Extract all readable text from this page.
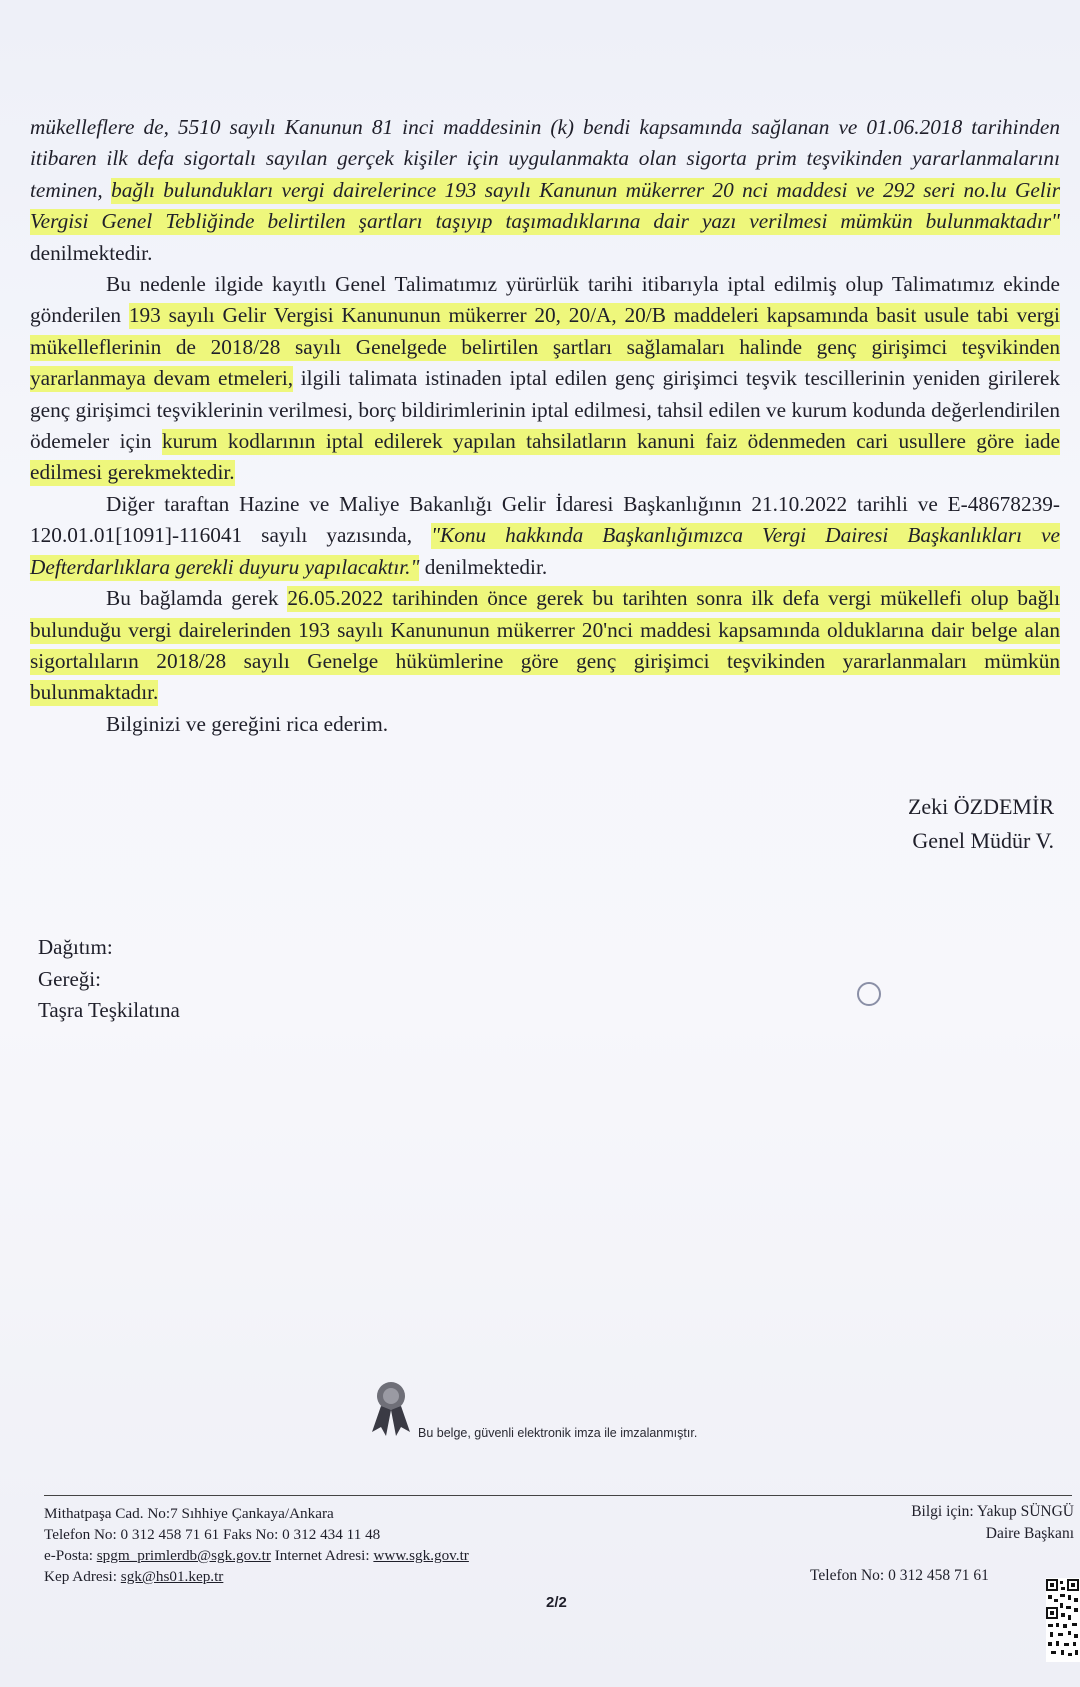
mükelleflere de, 5510 sayılı Kanunun 81 inci maddesinin (k) bendi kapsamında sağlanan ve 01.06.2018 tarihinden itibaren ilk defa sigortalı sayılan gerçek kişiler için uygulanmakta olan sigorta prim teşvikinden yararlanmalarını teminen, bağlı bulundukları vergi dairelerince 193 sayılı Kanunun mükerrer 20 nci maddesi ve 292 seri no.lu Gelir Vergisi Genel Tebliğinde belirtilen şartları taşıyıp taşımadıklarına dair yazı verilmesi mümkün bulunmaktadır" denilmektedir.

Bu nedenle ilgide kayıtlı Genel Talimatımız yürürlük tarihi itibarıyla iptal edilmiş olup Talimatımız ekinde gönderilen 193 sayılı Gelir Vergisi Kanununun mükerrer 20, 20/A, 20/B maddeleri kapsamında basit usule tabi vergi mükelleflerinin de 2018/28 sayılı Genelgede belirtilen şartları sağlamaları halinde genç girişimci teşvikinden yararlanmaya devam etmeleri, ilgili talimata istinaden iptal edilen genç girişimci teşvik tescillerinin yeniden girilerek genç girişimci teşviklerinin verilmesi, borç bildirimlerinin iptal edilmesi, tahsil edilen ve kurum kodunda değerlendirilen ödemeler için kurum kodlarının iptal edilerek yapılan tahsilatların kanuni faiz ödenmeden cari usullere göre iade edilmesi gerekmektedir.

Diğer taraftan Hazine ve Maliye Bakanlığı Gelir İdaresi Başkanlığının 21.10.2022 tarihli ve E-48678239-120.01.01[1091]-116041 sayılı yazısında, "Konu hakkında Başkanlığımızca Vergi Dairesi Başkanlıkları ve Defterdarlıklara gerekli duyuru yapılacaktır." denilmektedir.

Bu bağlamda gerek 26.05.2022 tarihinden önce gerek bu tarihten sonra ilk defa vergi mükellefi olup bağlı bulunduğu vergi dairelerinden 193 sayılı Kanununun mükerrer 20'nci maddesi kapsamında olduklarına dair belge alan sigortalıların 2018/28 sayılı Genelge hükümlerine göre genç girişimci teşvikinden yararlanmaları mümkün bulunmaktadır.

Bilginizi ve gereğini rica ederim.

Zeki ÖZDEMİR
Genel Müdür V.
Dağıtım:
Gereği:
Taşra Teşkilatına
Bu belge, güvenli elektronik imza ile imzalanmıştır.
Mithatpaşa Cad. No:7 Sıhhiye Çankaya/Ankara
Telefon No: 0 312 458 71 61 Faks No: 0 312 434 11 48
e-Posta: spgm_primlerdb@sgk.gov.tr Internet Adresi: www.sgk.gov.tr
Kep Adresi: sgk@hs01.kep.tr
Bilgi için: Yakup SÜNGÜ
Daire Başkanı
Telefon No: 0 312 458 71 61
2/2
